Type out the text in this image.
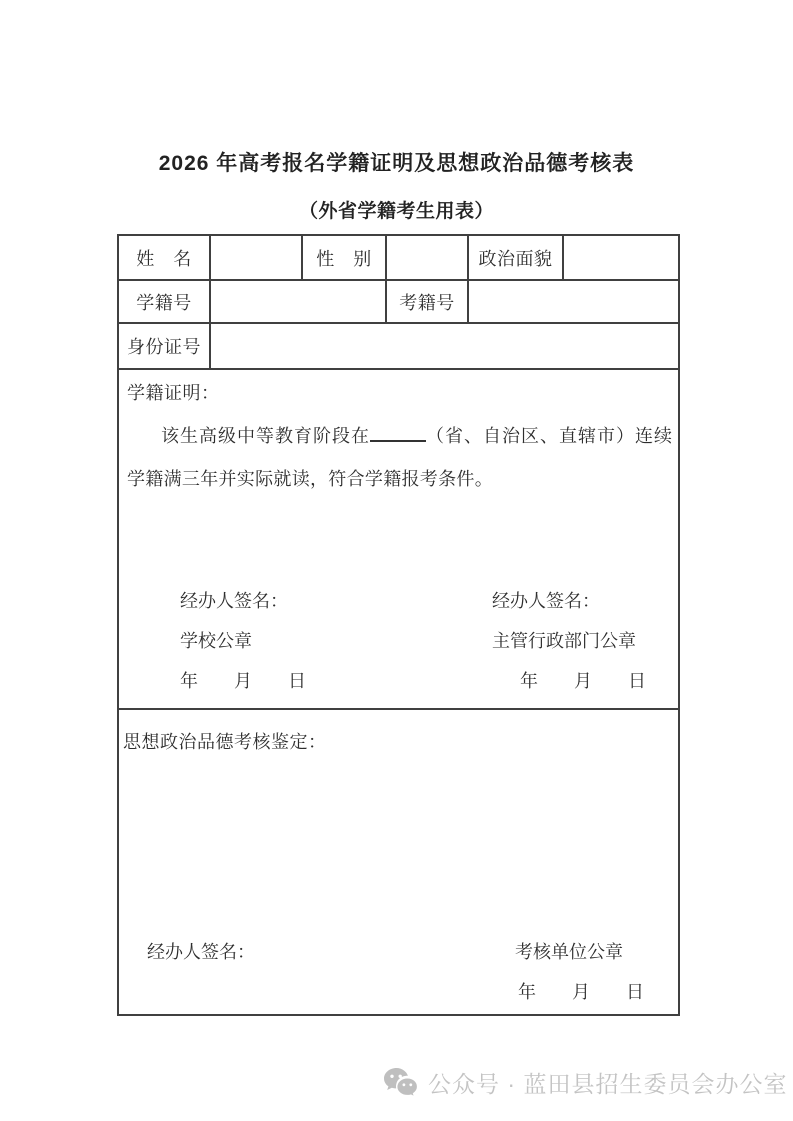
2026 年高考报名学籍证明及思想政治品德考核表
（外省学籍考生用表）
姓　名		性　别		政治面貌	
学籍号			考籍号		
身份证号					

学籍证明：
该生高级中等教育阶段在	（省、自治区、直辖市）连续
学籍满三年并实际就读，符合学籍报考条件。
经办人签名：
学校公章
年　　月　　日
经办人签名：
主管行政部门公章
年　　月　　日

思想政治品德考核鉴定：
经办人签名： 考核单位公章
年　　月　　日					
公众号 · 蓝田县招生委员会办公室
